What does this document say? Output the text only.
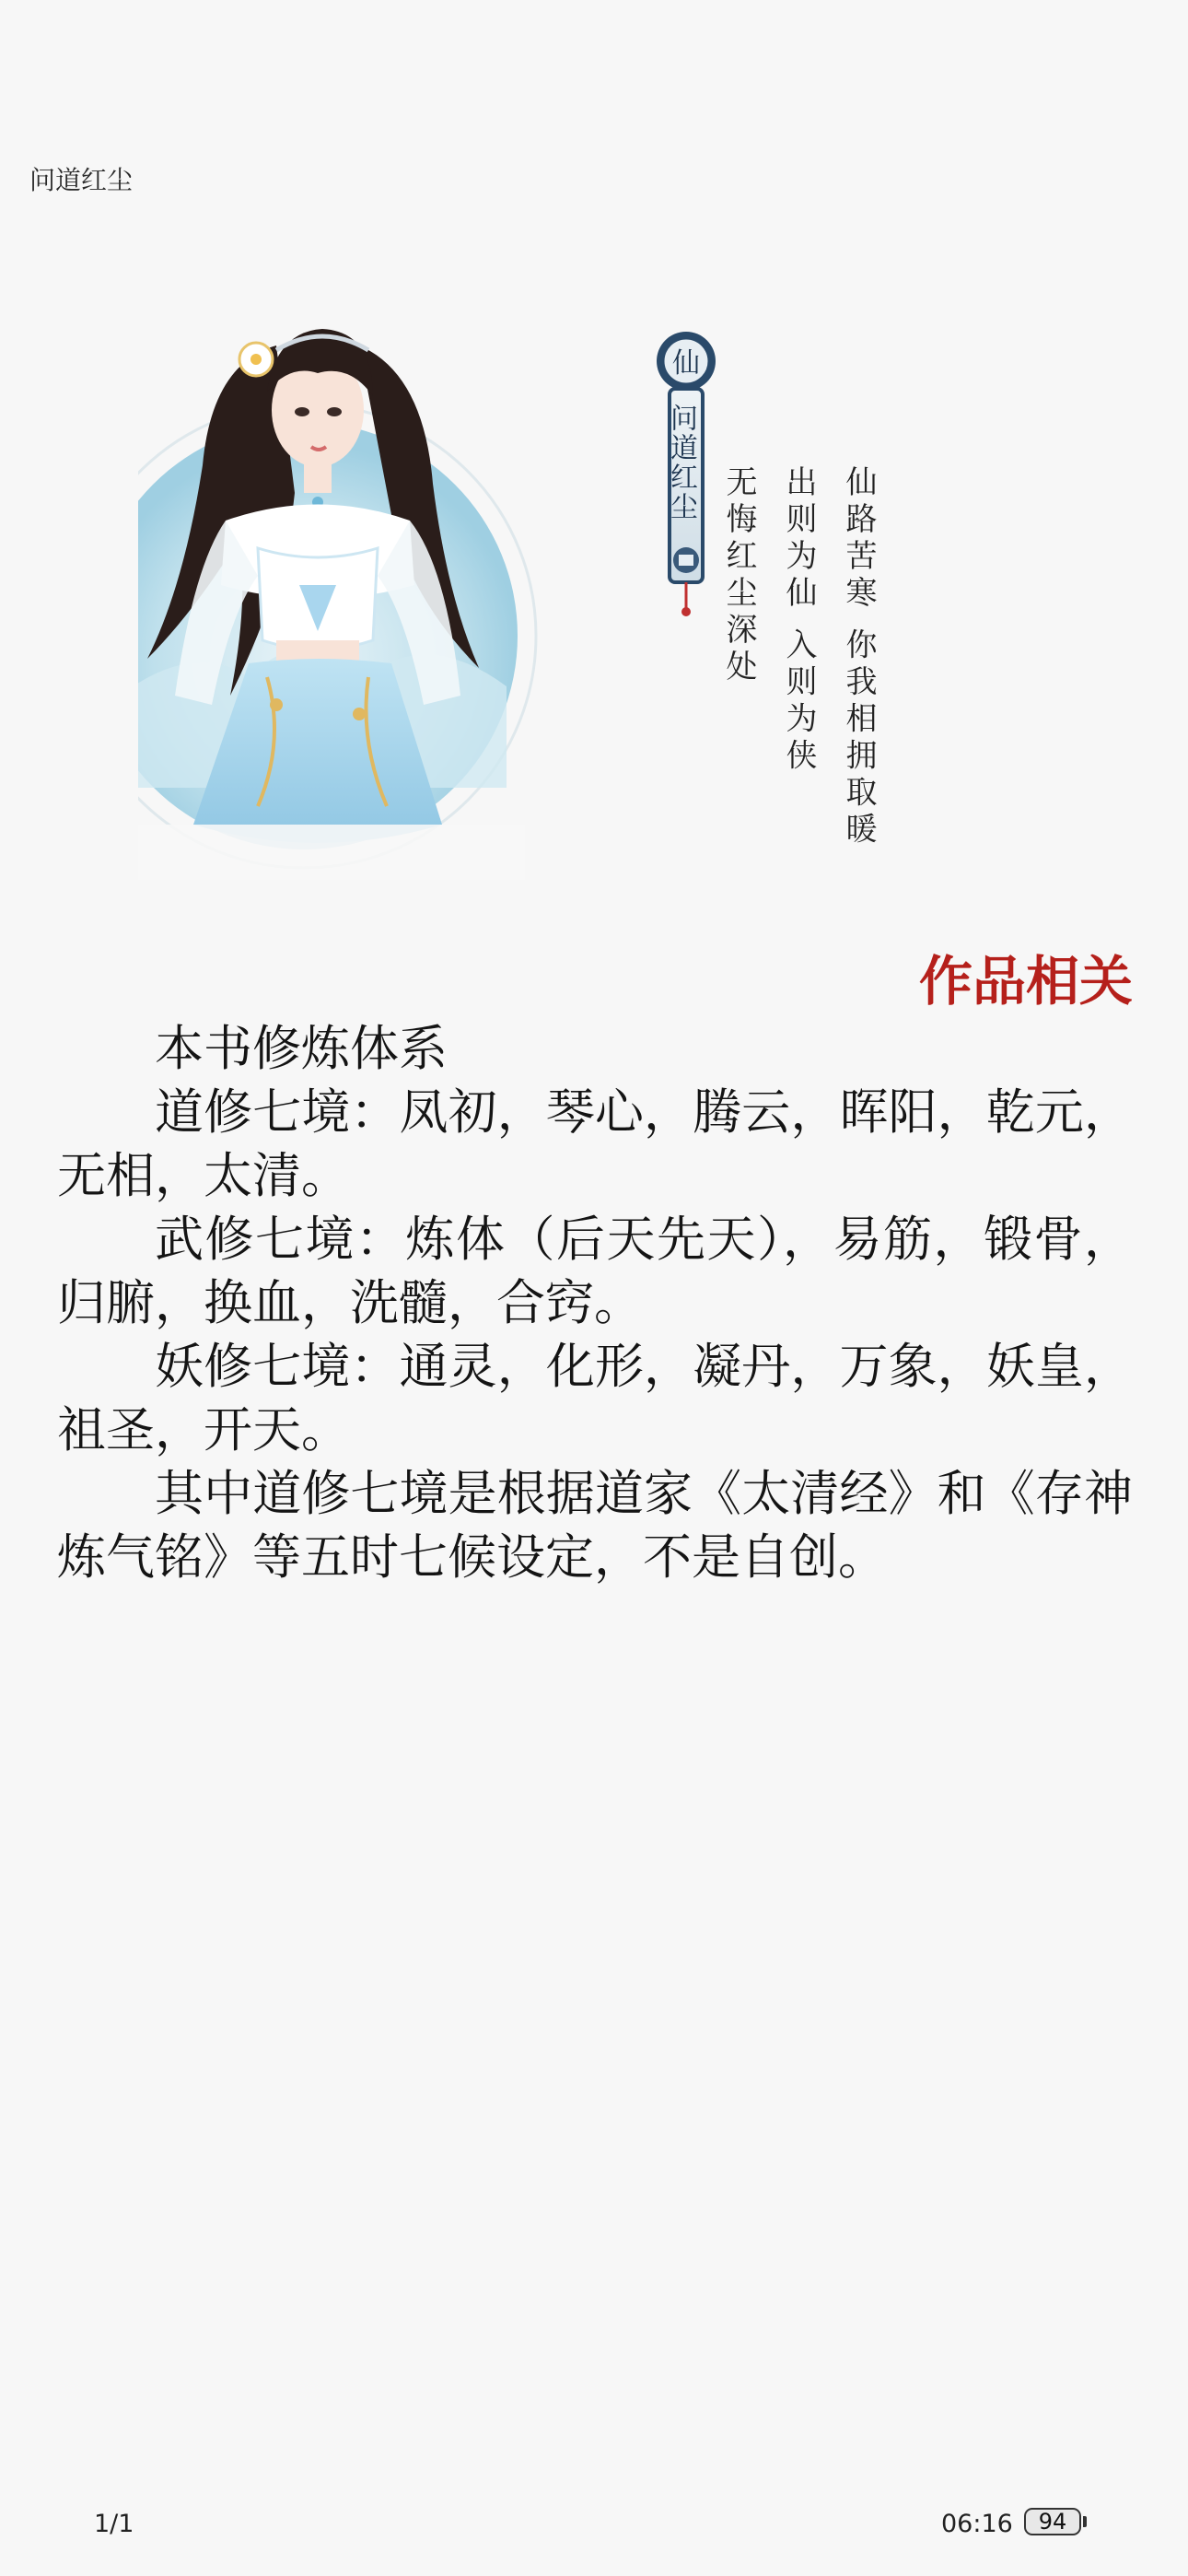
问道红尘
仙
问道红尘
仙路苦寒 你我相拥取暖
出则为仙 入则为侠
无悔红尘深处
作品相关

本书修炼体系

道修七境：凤初，琴心，腾云，晖阳，乾元，无相，太清。

武修七境：炼体（后天先天），易筋，锻骨，归腑，换血，洗髓，合窍。

妖修七境：通灵，化形，凝丹，万象，妖皇，祖圣，开天。

其中道修七境是根据道家《太清经》和《存神炼气铭》等五时七候设定，不是自创。

1/1	06:16	94
